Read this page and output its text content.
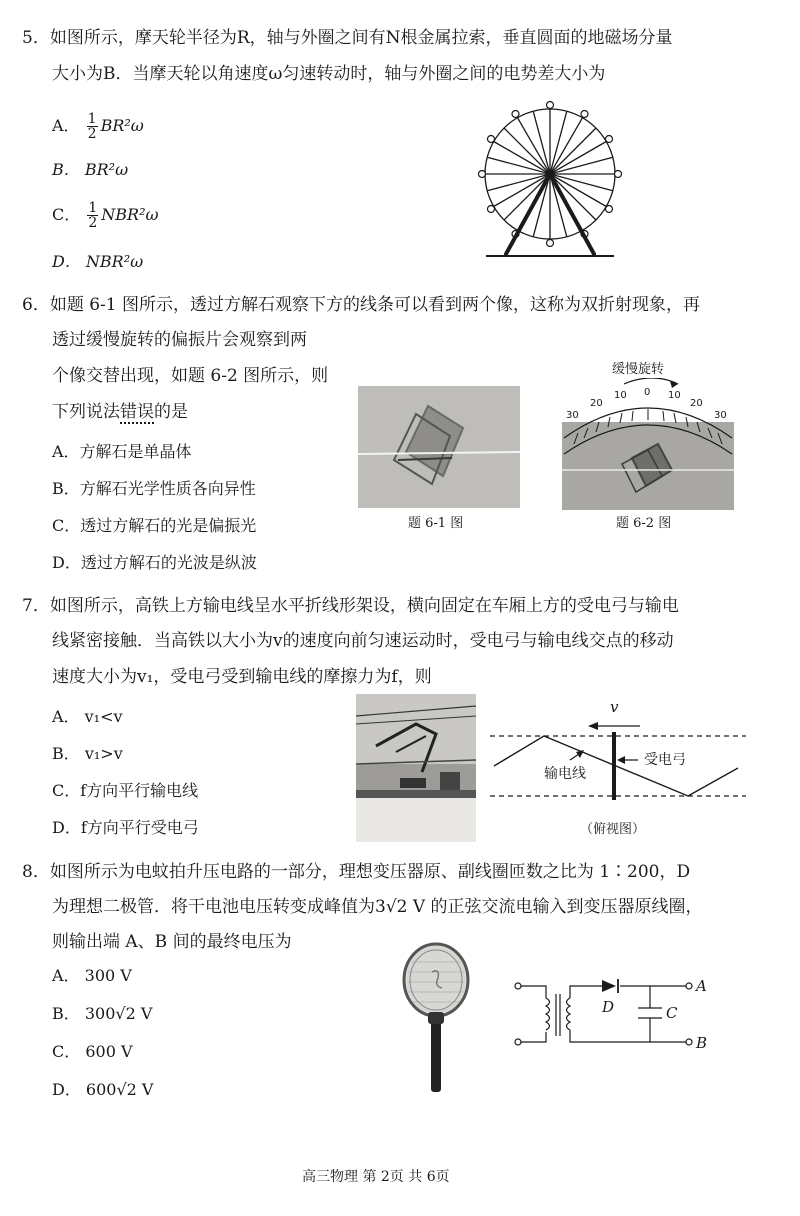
5．如图所示，摩天轮半径为R，轴与外圈之间有N根金属拉索，垂直圆面的地磁场分量
大小为B．当摩天轮以角速度ω匀速转动时，轴与外圈之间的电势差大小为
A． $\frac{1}{2} BR^2\omega$
B． BR²ω
C． $\frac{1}{2} NBR^2\omega$
D． NBR²ω
6．如题 6-1 图所示，透过方解石观察下方的线条可以看到两个像，这称为双折射现象，再
透过缓慢旋转的偏振片会观察到两
个像交替出现，如题 6-2 图所示，则
下列说法错误的是
A．方解石是单晶体
B．方解石光学性质各向异性
C．透过方解石的光是偏振光
D．透过方解石的光波是纵波
题 6-1 图
缓慢旋转
30
20
10 0 10
20
30
题 6-2 图
7．如图所示，高铁上方输电线呈水平折线形架设，横向固定在车厢上方的受电弓与输电
线紧密接触．当高铁以大小为v的速度向前匀速运动时，受电弓与输电线交点的移动
速度大小为v₁，受电弓受到输电线的摩擦力为f，则
A． v₁<v
B． v₁>v
C．f方向平行输电线
D．f方向平行受电弓
v
输电线
受电弓
（俯视图）
8．如图所示为电蚊拍升压电路的一部分，理想变压器原、副线圈匝数之比为 1∶200，D
为理想二极管．将干电池电压转变成峰值为3√2 V 的正弦交流电输入到变压器原线圈，
则输出端 A、B 间的最终电压为
A． 300 V
B． 300√2 V
C． 600 V
D． 600√2 V
D	C
A
B
高三物理 第 2页 共 6页
